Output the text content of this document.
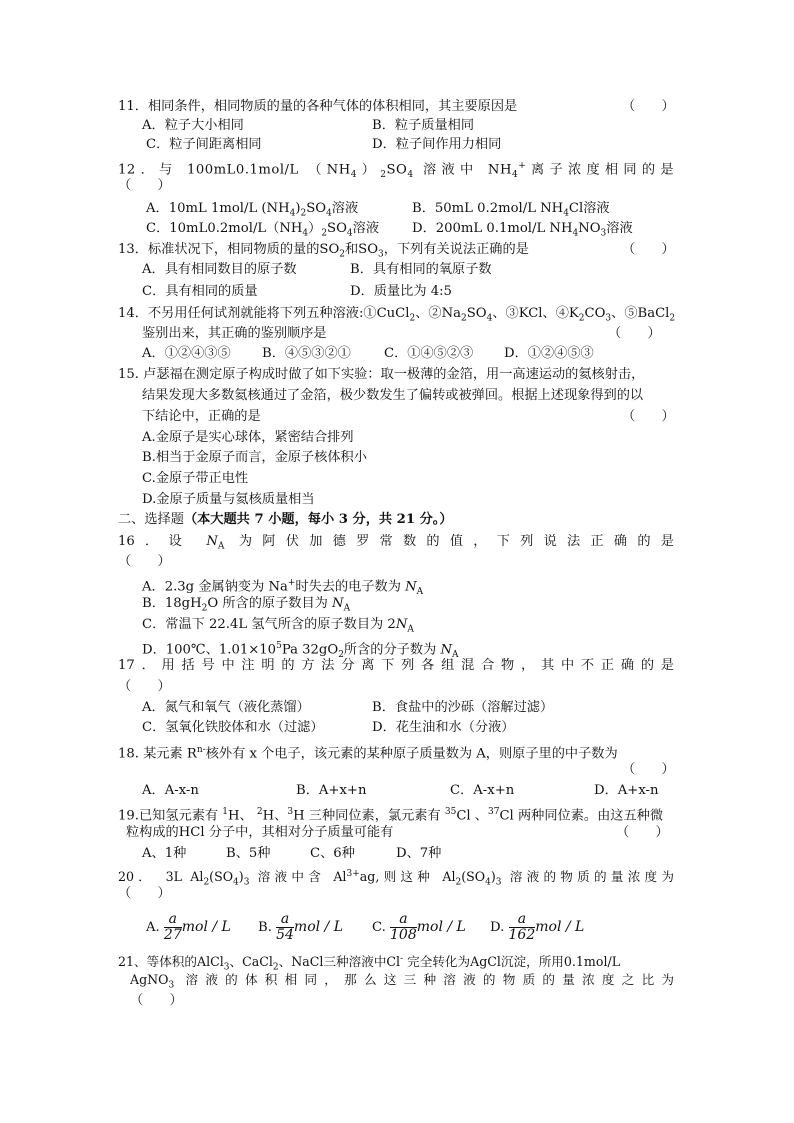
11．相同条件，相同物质的量的各种气体的体积相同，其主要原因是	（　　）
A．粒子大小相同	B．粒子质量相同
C．粒子间距离相同	D．粒子间作用力相同
12．与 100mL0.1mol/L $(NH_4)_2SO_4$ 溶液中 $NH_4^+$离子浓度相同的是
（　　）
A．10mL 1mol/L $(NH_4)_2SO_4$溶液	B．50mL 0.2mol/L $NH_4Cl$溶液
C．$10mL0.2mol/L(NH_4)_2SO_4$溶液 D．200mL 0.1mol/L $NH_4NO_3$溶液
13．标准状况下，相同物质的量的$SO_2$和$SO_3$，下列有关说法正确的是	（　　）
A．具有相同数目的原子数	B．具有相同的氧原子数
C．具有相同的质量	D．质量比为 4:5
14．不另用任何试剂就能将下列五种溶液:①CuCl$_2$、$②Na_2SO_4$、③KCl、$④K_2CO_3$、⑤BaCl$_2$
鉴别出来，其正确的鉴别顺序是	（　　）
A．①②④③⑤ B．④⑤③②①	C．①④⑤②③ D．①②④⑤③
15. 卢瑟福在测定原子构成时做了如下实验：取一极薄的金箔，用一高速运动的氦核射击，
结果发现大多数氦核通过了金箔，极少数发生了偏转或被弹回。根据上述现象得到的以
下结论中，正确的是	（　　）
A.金原子是实心球体，紧密结合排列
B.相当于金原子而言，金原子核体积小
C.金原子带正电性
D.金原子质量与氦核质量相当
二、选择题（本大题共 7 小题，每小 3 分，共 21 分。）
16．设 $N_A$ 为阿伏加德罗常数的值，下列说法正确的是
（　　）
A．2.3g 金属钠变为 Na+时失去的电子数为 $N_A$
B．$18gH_2O$ 所含的原子数目为 $N_A$
C．常温下 22.4L 氢气所含的原子数目为 $2N_A$
D．100℃、$1.01\times 10^5Pa$ $32gO_2$所含的分子数为 $N_A$
17．用括号中注明的方法分离下列各组混合物，其中不正确的是
（　　）
A．氮气和氧气（液化蒸馏）	B．食盐中的沙砾（溶解过滤）
C．氢氧化铁胶体和水（过滤）	D．花生油和水（分液）
18. 某元素 $R^{n-}$核外有 x 个电子，该元素的某种原子质量数为 A，则原子里的中子数为
（　　）
A．A-x-n	B．A+x+n	C．A-x+n	D．A+x-n
19.已知氢元素有 $^1$H、 $^2$H、$^3$H 三种同位素，氯元素有 $^{35}$Cl 、$^{37}$Cl 两种同位素。由这五种微
粒构成的HCl 分子中，其相对分子质量可能有	（　　）
A、1种	B、5种	C、6种	D、7种
20．　3L $Al_2(SO_4)_3$ 溶液中含 $Al^{3+}ag$,则这种 $Al_2(SO_4)_3$ 溶液的物质的量浓度为
（　　）
A. $\frac{a}{27}$ mol / L B. $\frac{a}{54}$ mol / L C. $\frac{a}{108}$ mol / L D. $\frac{a}{162}$ mol / L
21、等体积的AlCl$_3$、CaCl$_2$、NaCl三种溶液中Cl- 完全转化为AgCl沉淀，所用0.1mol/L
AgNO$_3$ 溶液的体积相同，那么这三种溶液的物质的量浓度之比为
（　　）
